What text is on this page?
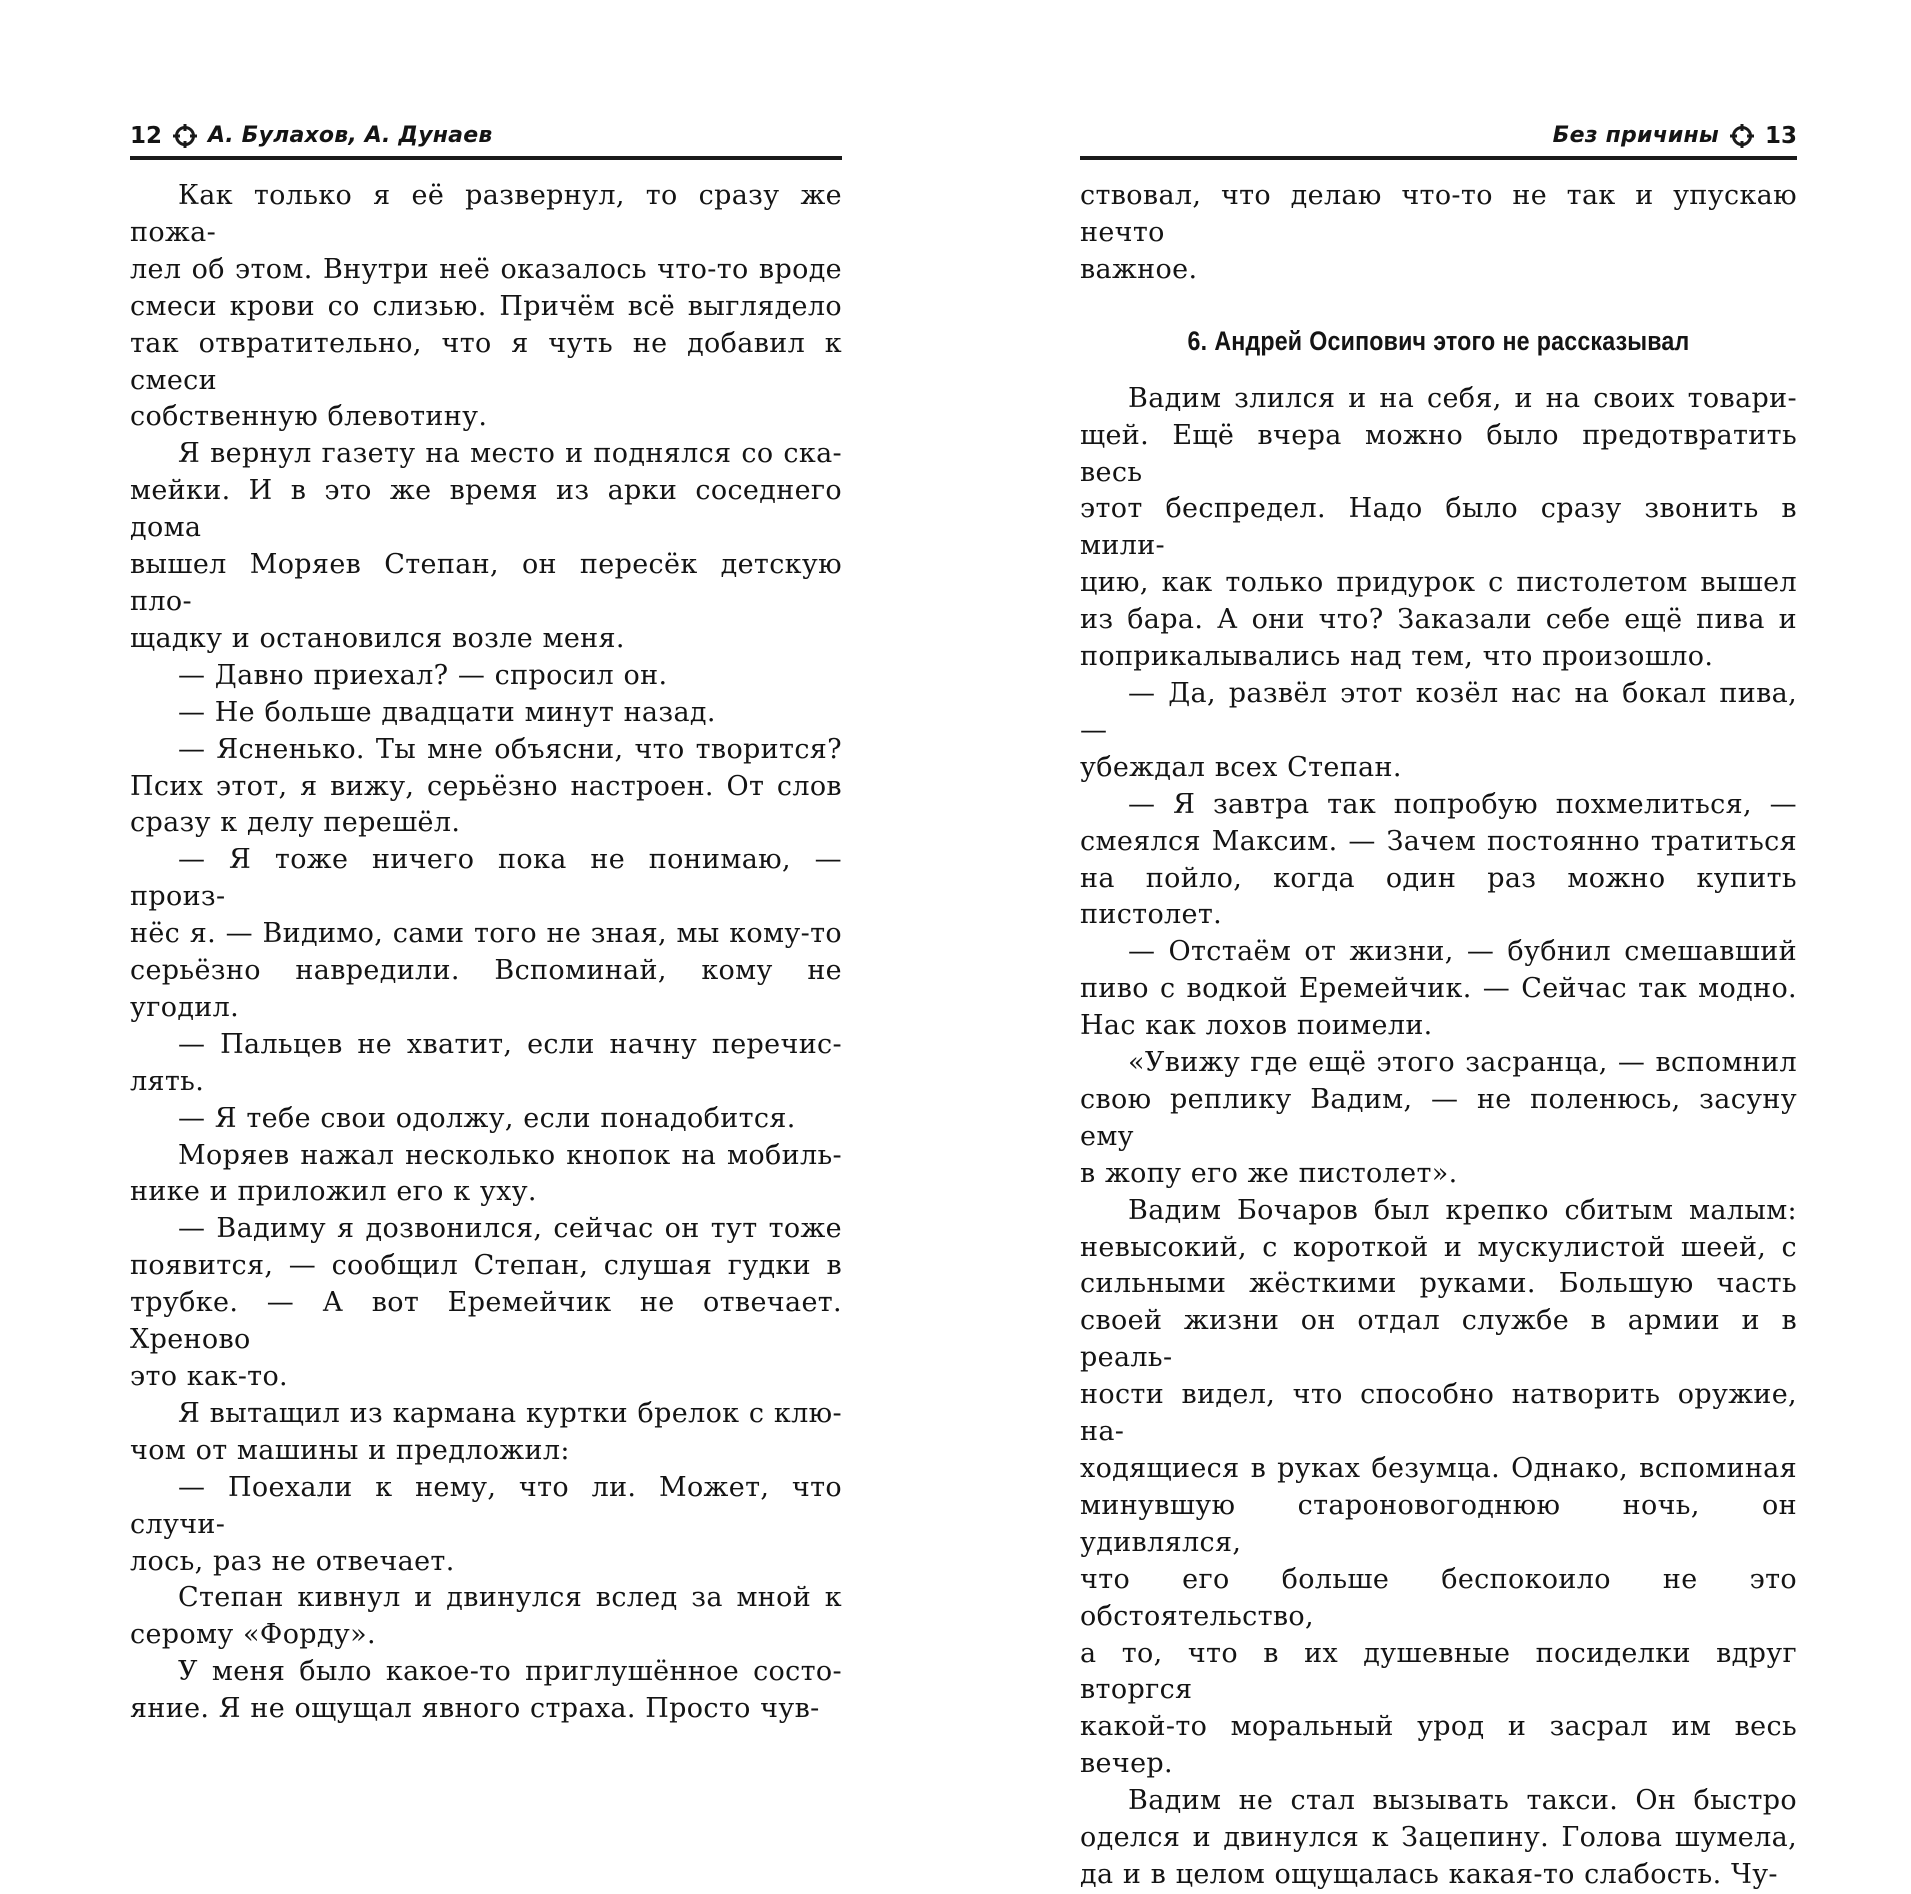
12 А. Булахов, А. Дунаев

Как только я её развернул, то сразу же пожа-

лел об этом. Внутри неё оказалось что-то вроде

смеси крови со слизью. Причём всё выглядело

так отвратительно, что я чуть не добавил к смеси

собственную блевотину.

Я вернул газету на место и поднялся со ска-

мейки. И в это же время из арки соседнего дома

вышел Моряев Степан, он пересёк детскую пло-

щадку и остановился возле меня.

— Давно приехал? — спросил он.

— Не больше двадцати минут назад.

— Ясненько. Ты мне объясни, что творится?

Псих этот, я вижу, серьёзно настроен. От слов

сразу к делу перешёл.

— Я тоже ничего пока не понимаю, — произ-

нёс я. — Видимо, сами того не зная, мы кому-то

серьёзно навредили. Вспоминай, кому не угодил.

— Пальцев не хватит, если начну перечис-

лять.

— Я тебе свои одолжу, если понадобится.

Моряев нажал несколько кнопок на мобиль-

нике и приложил его к уху.

— Вадиму я дозвонился, сейчас он тут тоже

появится, — сообщил Степан, слушая гудки в

трубке. — А вот Еремейчик не отвечает. Хреново

это как-то.

Я вытащил из кармана куртки брелок с клю-

чом от машины и предложил:

— Поехали к нему, что ли. Может, что случи-

лось, раз не отвечает.

Степан кивнул и двинулся вслед за мной к

серому «Форду».

У меня было какое-то приглушённое состо-

яние. Я не ощущал явного страха. Просто чув-

Без причины 13

ствовал, что делаю что-то не так и упускаю нечто

важное.

6. Андрей Осипович этого не рассказывал

Вадим злился и на себя, и на своих товари-

щей. Ещё вчера можно было предотвратить весь

этот беспредел. Надо было сразу звонить в мили-

цию, как только придурок с пистолетом вышел

из бара. А они что? Заказали себе ещё пива и

поприкалывались над тем, что произошло.

— Да, развёл этот козёл нас на бокал пива, —

убеждал всех Степан.

— Я завтра так попробую похмелиться, —

смеялся Максим. — Зачем постоянно тратиться

на пойло, когда один раз можно купить пистолет.

— Отстаём от жизни, — бубнил смешавший

пиво с водкой Еремейчик. — Сейчас так модно.

Нас как лохов поимели.

«Увижу где ещё этого засранца, — вспомнил

свою реплику Вадим, — не поленюсь, засуну ему

в жопу его же пистолет».

Вадим Бочаров был крепко сбитым малым:

невысокий, с короткой и мускулистой шеей, с

сильными жёсткими руками. Большую часть

своей жизни он отдал службе в армии и в реаль-

ности видел, что способно натворить оружие, на-

ходящиеся в руках безумца. Однако, вспоминая

минувшую староновогоднюю ночь, он удивлялся,

что его больше беспокоило не это обстоятельство,

а то, что в их душевные посиделки вдруг вторгся

какой-то моральный урод и засрал им весь вечер.

Вадим не стал вызывать такси. Он быстро

оделся и двинулся к Зацепину. Голова шумела,

да и в целом ощущалась какая-то слабость. Чу-
